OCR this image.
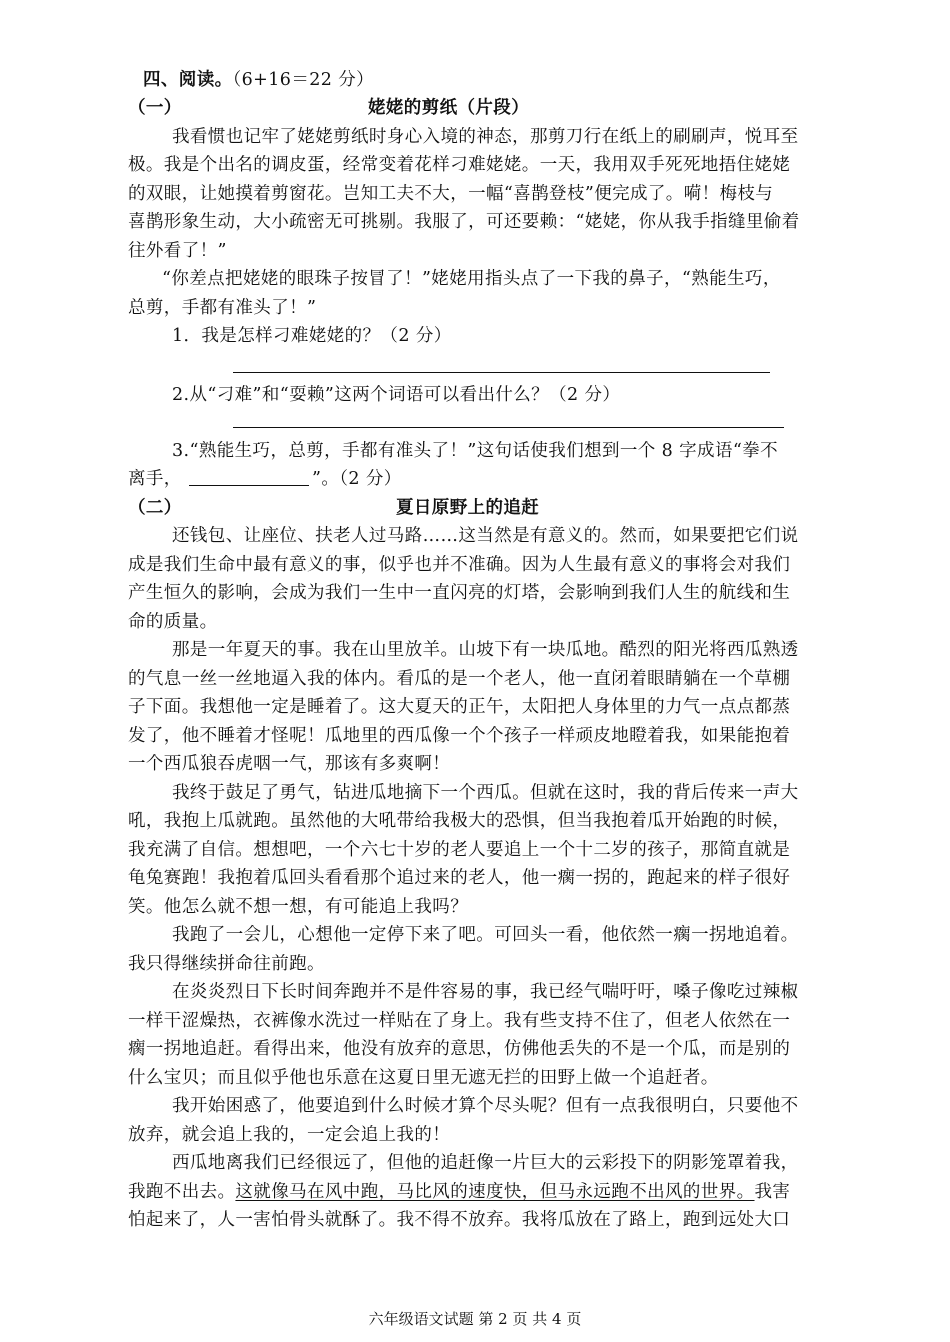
四、阅读。（6+16＝22 分）
（一）	姥姥的剪纸（片段）
我看惯也记牢了姥姥剪纸时身心入境的神态，那剪刀行在纸上的刷刷声，悦耳至
极。我是个出名的调皮蛋，经常变着花样刁难姥姥。一天，我用双手死死地捂住姥姥
的双眼，让她摸着剪窗花。岂知工夫不大，一幅“喜鹊登枝”便完成了。嗬！梅枝与
喜鹊形象生动，大小疏密无可挑剔。我服了，可还要赖：“姥姥，你从我手指缝里偷着
往外看了！”
“你差点把姥姥的眼珠子按冒了！”姥姥用指头点了一下我的鼻子，“熟能生巧，
总剪，手都有准头了！”
1．我是怎样刁难姥姥的？（2 分）
2.从“刁难”和“耍赖”这两个词语可以看出什么？（2 分）
3.“熟能生巧，总剪，手都有准头了！”这句话使我们想到一个 8 字成语“拳不
离手，	”。（2 分）
（二）	夏日原野上的追赶
还钱包、让座位、扶老人过马路……这当然是有意义的。然而，如果要把它们说
成是我们生命中最有意义的事，似乎也并不准确。因为人生最有意义的事将会对我们
产生恒久的影响，会成为我们一生中一直闪亮的灯塔，会影响到我们人生的航线和生
命的质量。
那是一年夏天的事。我在山里放羊。山坡下有一块瓜地。酷烈的阳光将西瓜熟透
的气息一丝一丝地逼入我的体内。看瓜的是一个老人，他一直闭着眼睛躺在一个草棚
子下面。我想他一定是睡着了。这大夏天的正午，太阳把人身体里的力气一点点都蒸
发了，他不睡着才怪呢！瓜地里的西瓜像一个个孩子一样顽皮地瞪着我，如果能抱着
一个西瓜狼吞虎咽一气，那该有多爽啊！
我终于鼓足了勇气，钻进瓜地摘下一个西瓜。但就在这时，我的背后传来一声大
吼，我抱上瓜就跑。虽然他的大吼带给我极大的恐惧，但当我抱着瓜开始跑的时候，
我充满了自信。想想吧，一个六七十岁的老人要追上一个十二岁的孩子，那简直就是
龟兔赛跑！我抱着瓜回头看看那个追过来的老人，他一瘸一拐的，跑起来的样子很好
笑。他怎么就不想一想，有可能追上我吗？
我跑了一会儿，心想他一定停下来了吧。可回头一看，他依然一瘸一拐地追着。
我只得继续拼命往前跑。
在炎炎烈日下长时间奔跑并不是件容易的事，我已经气喘吁吁，嗓子像吃过辣椒
一样干涩燥热，衣裤像水洗过一样贴在了身上。我有些支持不住了，但老人依然在一
瘸一拐地追赶。看得出来，他没有放弃的意思，仿佛他丢失的不是一个瓜，而是别的
什么宝贝；而且似乎他也乐意在这夏日里无遮无拦的田野上做一个追赶者。
我开始困惑了，他要追到什么时候才算个尽头呢？但有一点我很明白，只要他不
放弃，就会追上我的，一定会追上我的！
西瓜地离我们已经很远了，但他的追赶像一片巨大的云彩投下的阴影笼罩着我，
我跑不出去。这就像马在风中跑，马比风的速度快，但马永远跑不出风的世界。我害
怕起来了，人一害怕骨头就酥了。我不得不放弃。我将瓜放在了路上，跑到远处大口
六年级语文试题 第 2 页 共 4 页
